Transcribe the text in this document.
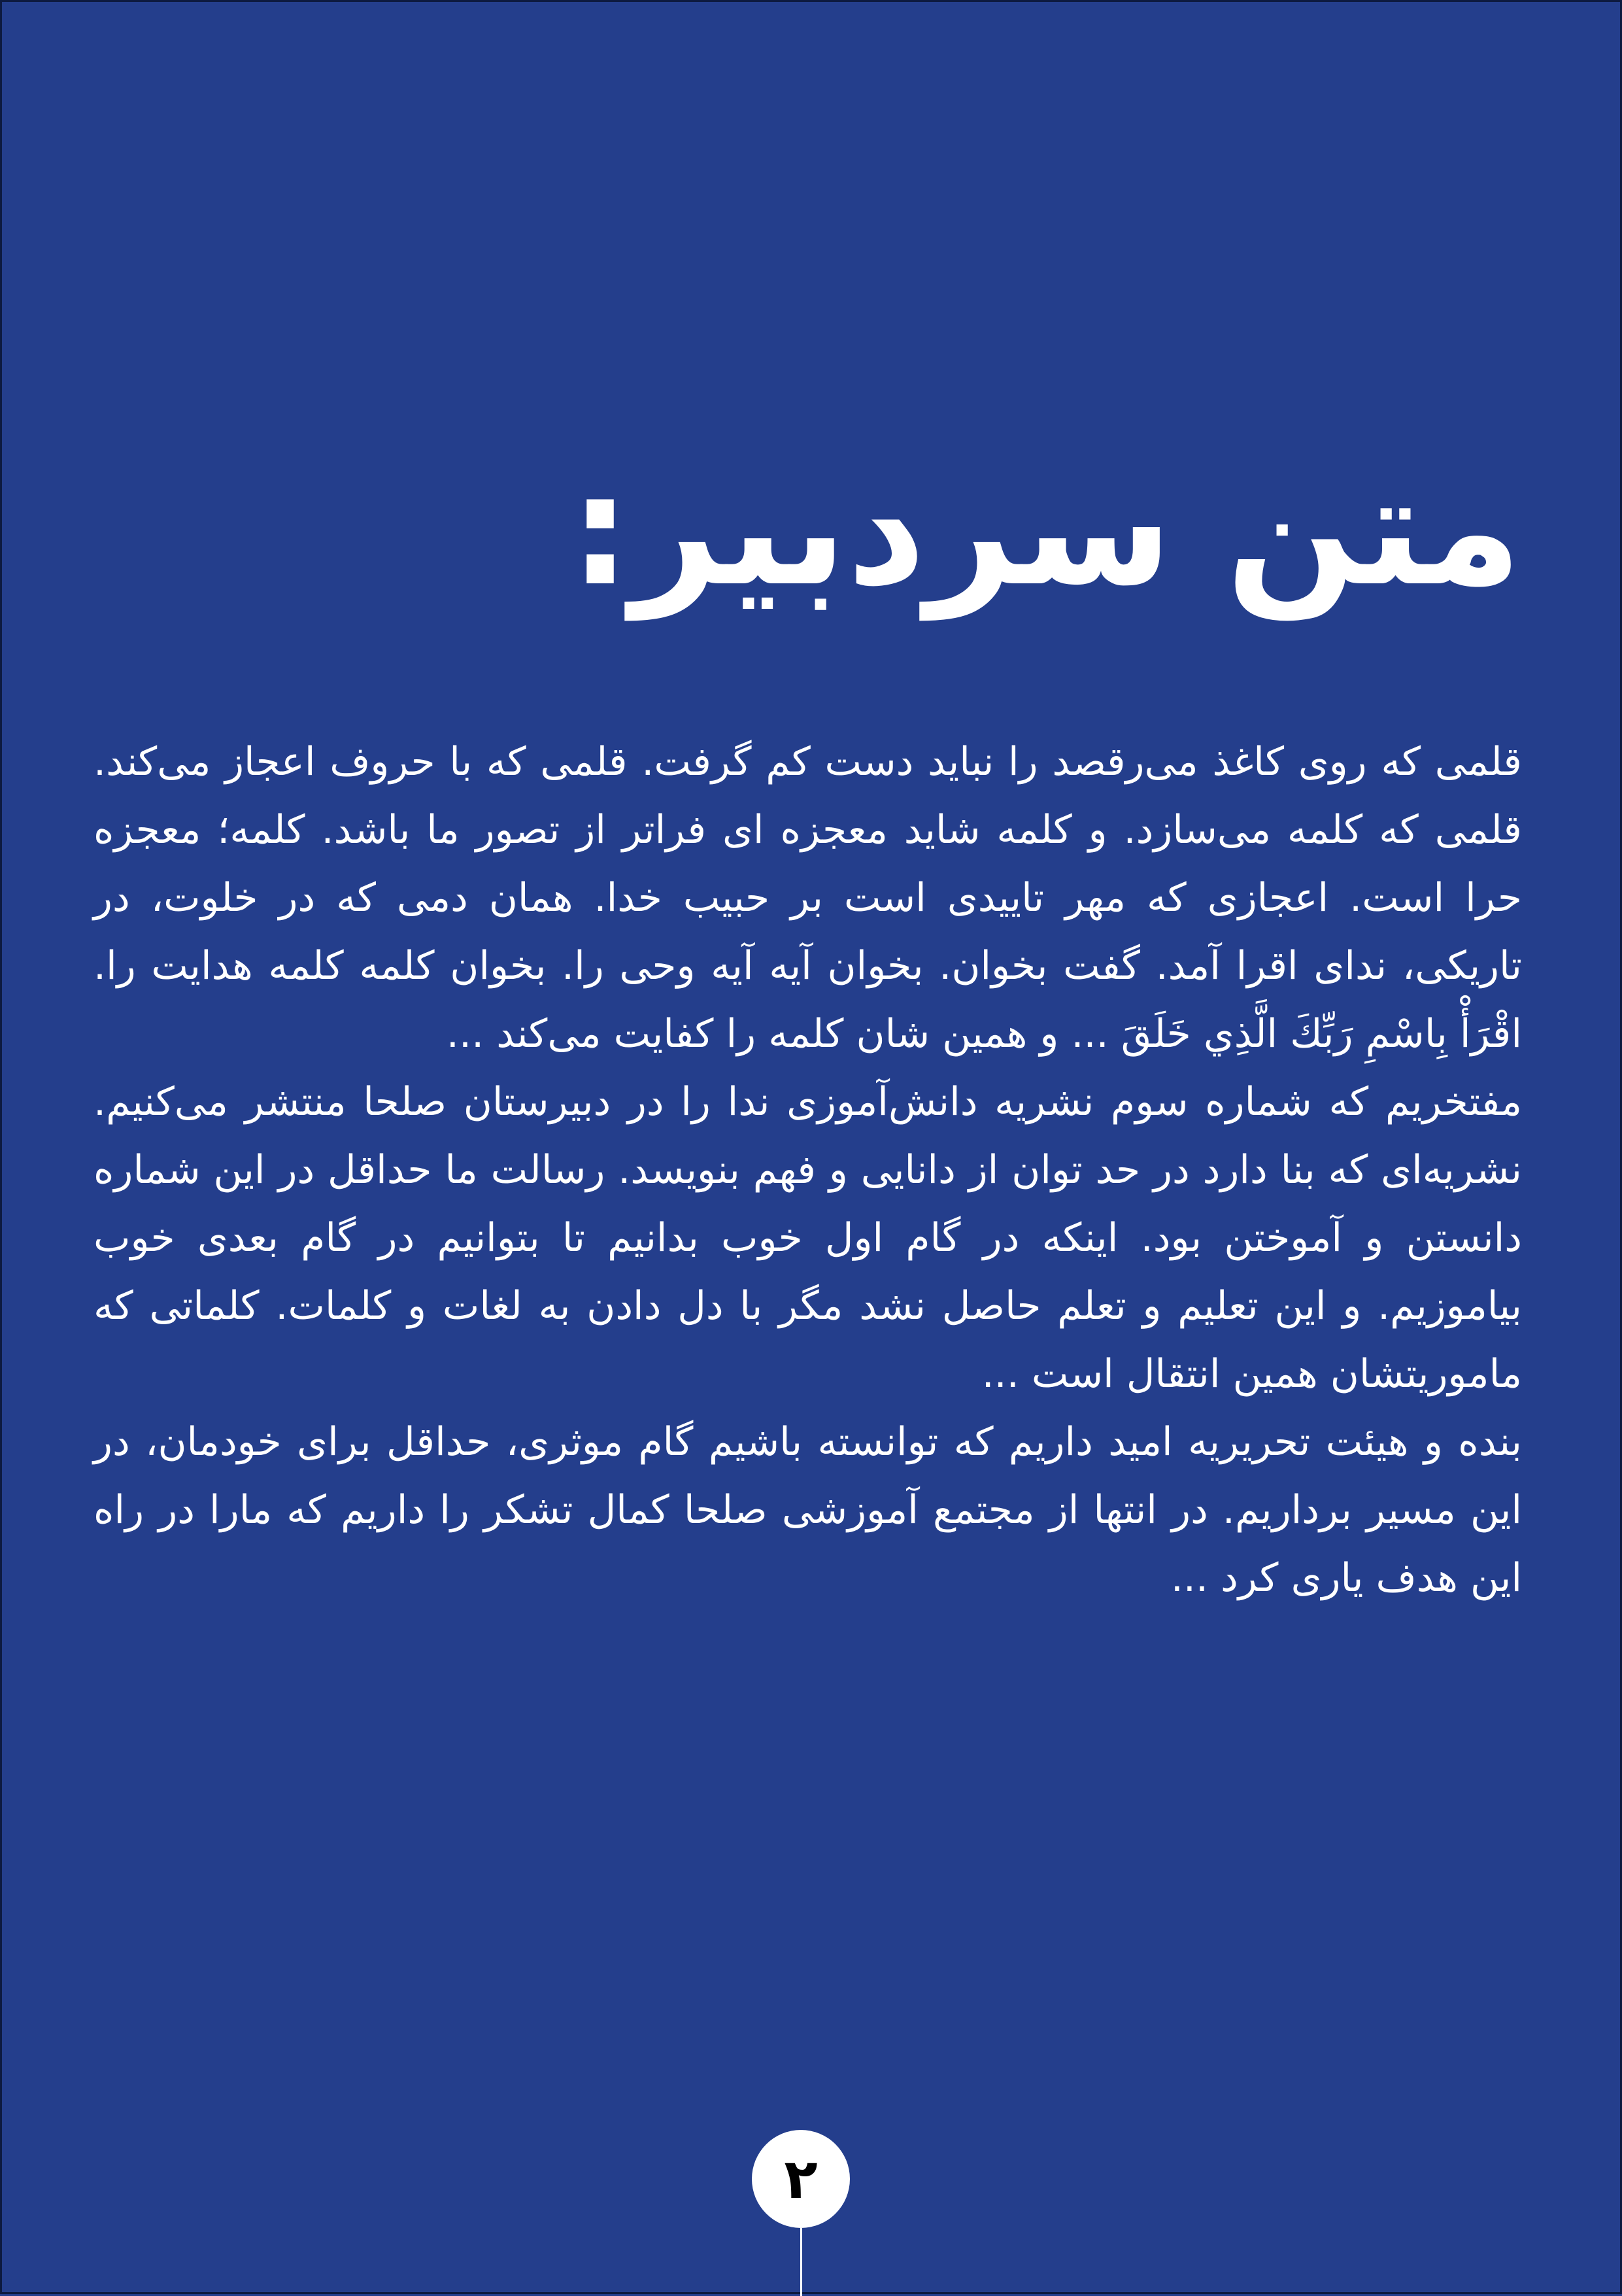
متن سردبیر:

قلمی که روی کاغذ می‌رقصد را نباید دست کم گرفت. قلمی که با حروف اعجاز می‌کند. قلمی که کلمه می‌سازد. و کلمه شاید معجزه ای فراتر از تصور ما باشد. کلمه؛ معجزه حرا است. اعجازی که مهر تاییدی است بر حبیب خدا. همان دمی که در خلوت، در تاریکی، ندای اقرا آمد. گفت بخوان. بخوان آیه آیه وحی را. بخوان کلمه کلمه هدایت را. اقْرَأْ بِاسْمِ رَبِّكَ الَّذِي خَلَقَ ... و همین شان کلمه را کفایت می‌کند ...

مفتخریم که شماره سوم نشریه دانش‌آموزی ندا را در دبیرستان صلحا منتشر می‌کنیم. نشریه‌ای که بنا دارد در حد توان از دانایی و فهم بنویسد. رسالت ما حداقل در این شماره دانستن و آموختن بود. اینکه در گام اول خوب بدانیم تا بتوانیم در گام بعدی خوب بیاموزیم. و این تعلیم و تعلم حاصل نشد مگر با دل دادن به لغات و کلمات. کلماتی که ماموریتشان همین انتقال است ...

بنده و هیئت تحریریه امید داریم که توانسته باشیم گام موثری، حداقل برای خودمان، در این مسیر برداریم. در انتها از مجتمع آموزشی صلحا کمال تشکر را داریم که مارا در راه این هدف یاری کرد ...

۲
